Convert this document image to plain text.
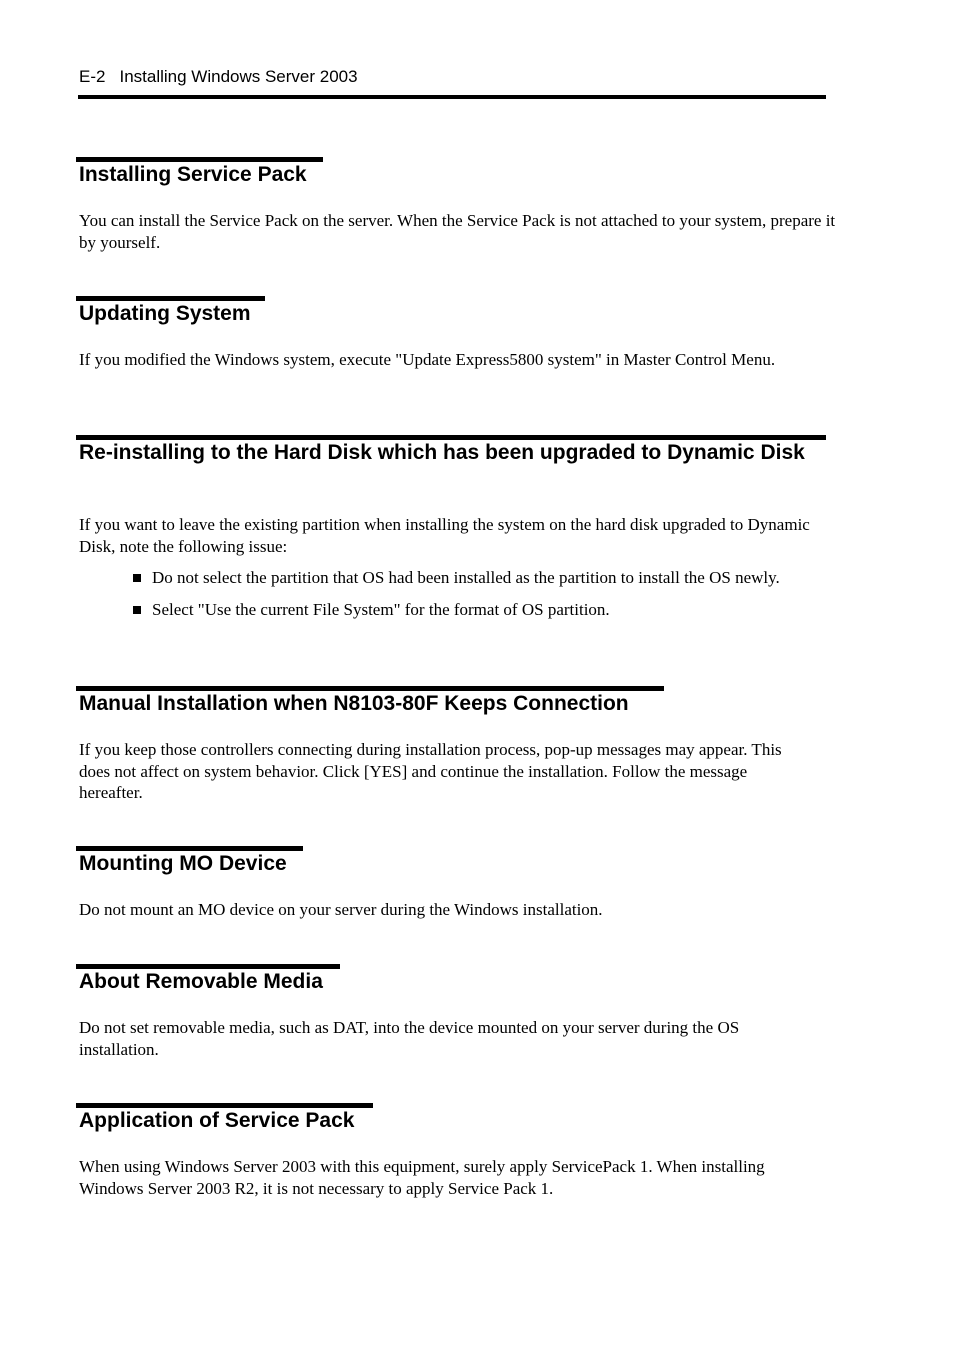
E-2 Installing Windows Server 2003
Installing Service Pack

You can install the Service Pack on the server. When the Service Pack is not attached to your system, prepare it by yourself.

Updating System

If you modified the Windows system, execute "Update Express5800 system" in Master Control Menu.

Re-installing to the Hard Disk which has been upgraded to Dynamic Disk

If you want to leave the existing partition when installing the system on the hard disk upgraded to Dynamic Disk, note the following issue:

Do not select the partition that OS had been installed as the partition to install the OS newly.
Select "Use the current File System" for the format of OS partition.
Manual Installation when N8103-80F Keeps Connection

If you keep those controllers connecting during installation process, pop-up messages may appear. This does not affect on system behavior. Click [YES] and continue the installation. Follow the message hereafter.

Mounting MO Device

Do not mount an MO device on your server during the Windows installation.

About Removable Media

Do not set removable media, such as DAT, into the device mounted on your server during the OS installation.

Application of Service Pack

When using Windows Server 2003 with this equipment, surely apply ServicePack 1. When installing Windows Server 2003 R2, it is not necessary to apply Service Pack 1.
